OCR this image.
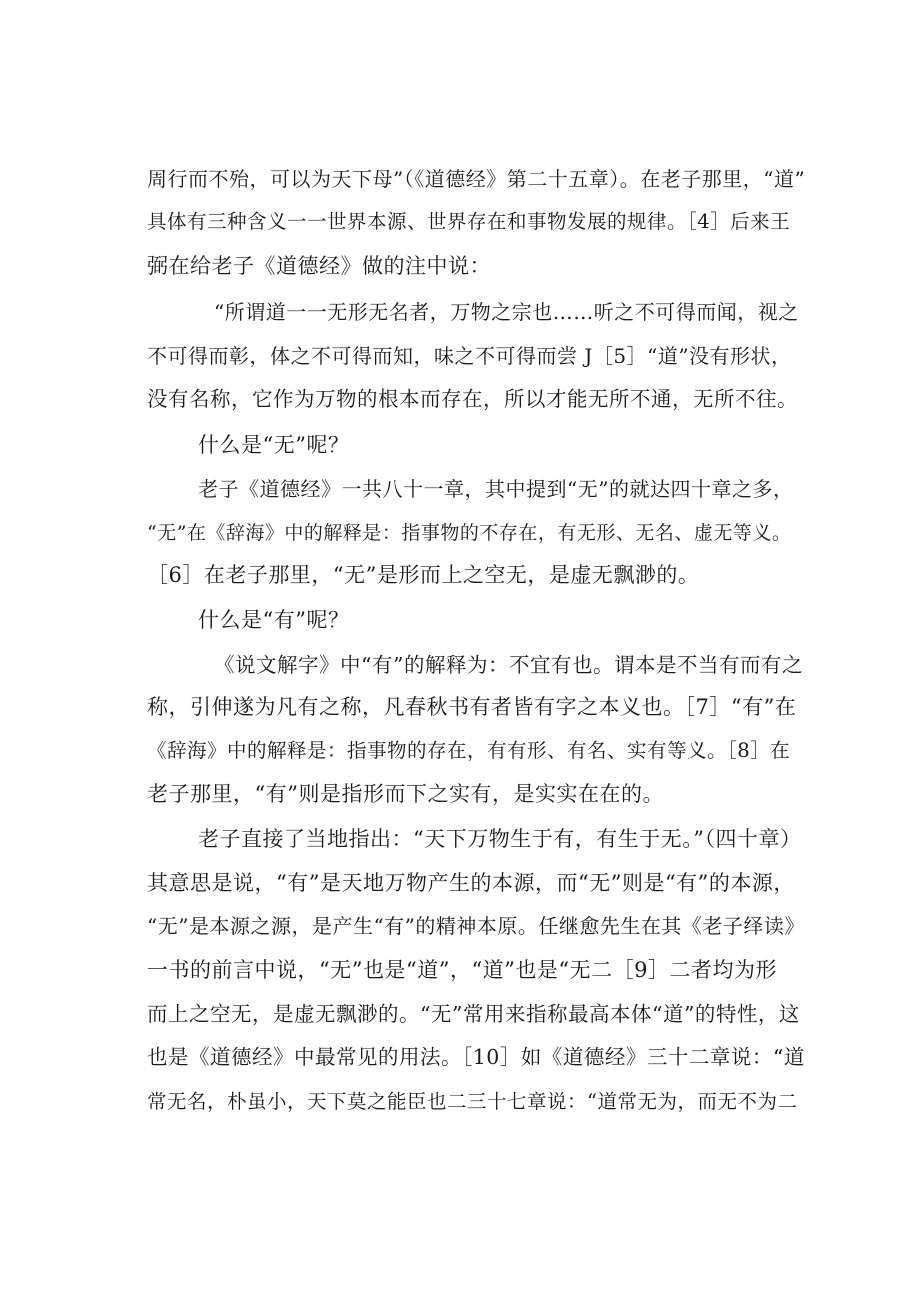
周行而不殆，可以为天下母”（《道德经》第二十五章）。在老子那里，“道”
具体有三种含义一一世界本源、世界存在和事物发展的规律。［4］后来王
弼在给老子《道德经》做的注中说：
“所谓道一一无形无名者，万物之宗也……听之不可得而闻，视之
不可得而彰，体之不可得而知，味之不可得而尝 J［5］“道”没有形状，
没有名称，它作为万物的根本而存在，所以才能无所不通，无所不往。
什么是“无”呢？
老子《道德经》一共八十一章，其中提到“无”的就达四十章之多，
“无”在《辞海》中的解释是：指事物的不存在，有无形、无名、虚无等义。
［6］在老子那里，“无”是形而上之空无，是虚无飘渺的。
什么是“有”呢？
《说文解字》中“有”的解释为：不宜有也。谓本是不当有而有之
称，引伸遂为凡有之称，凡春秋书有者皆有字之本义也。［7］“有”在
《辞海》中的解释是：指事物的存在，有有形、有名、实有等义。［8］在
老子那里，“有”则是指形而下之实有，是实实在在的。
老子直接了当地指出：“天下万物生于有，有生于无。”（四十章）
其意思是说，“有”是天地万物产生的本源，而“无”则是“有”的本源，
“无”是本源之源，是产生“有”的精神本原。任继愈先生在其《老子绎读》
一书的前言中说，“无”也是“道”，“道”也是“无二［9］二者均为形
而上之空无，是虚无飘渺的。“无”常用来指称最高本体“道”的特性，这
也是《道德经》中最常见的用法。［10］如《道德经》三十二章说：“道
常无名，朴虽小，天下莫之能臣也二三十七章说：“道常无为，而无不为二
